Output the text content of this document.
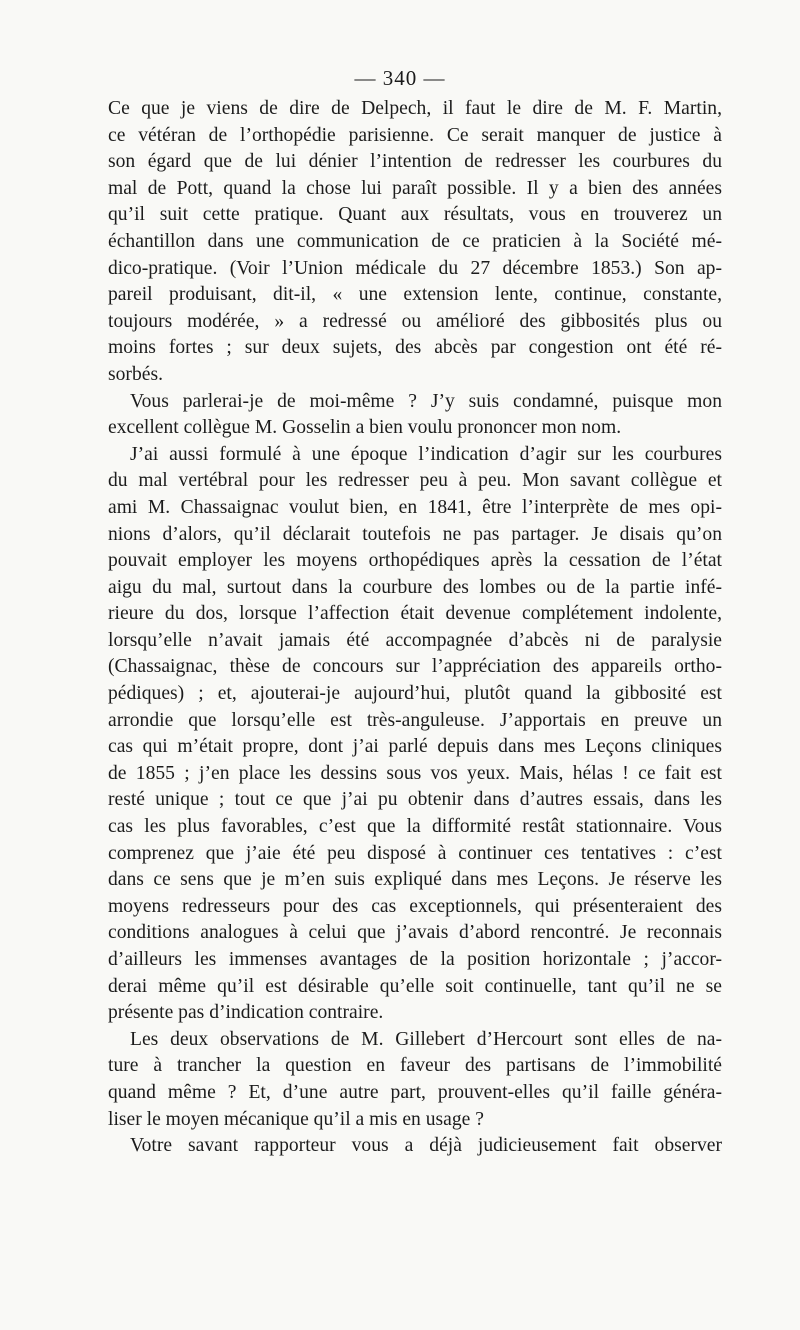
— 340 —

Ce que je viens de dire de Delpech, il faut le dire de M. F. Martin,

ce vétéran de l’orthopédie parisienne. Ce serait manquer de justice à

son égard que de lui dénier l’intention de redresser les courbures du

mal de Pott, quand la chose lui paraît possible. Il y a bien des années

qu’il suit cette pratique. Quant aux résultats, vous en trouverez un

échantillon dans une communication de ce praticien à la Société mé-

dico-pratique. (Voir l’Union médicale du 27 décembre 1853.) Son ap-

pareil produisant, dit-il, « une extension lente, continue, constante,

toujours modérée, » a redressé ou amélioré des gibbosités plus ou

moins fortes ; sur deux sujets, des abcès par congestion ont été ré-

sorbés.

Vous parlerai-je de moi-même ? J’y suis condamné, puisque mon

excellent collègue M. Gosselin a bien voulu prononcer mon nom.

J’ai aussi formulé à une époque l’indication d’agir sur les courbures

du mal vertébral pour les redresser peu à peu. Mon savant collègue et

ami M. Chassaignac voulut bien, en 1841, être l’interprète de mes opi-

nions d’alors, qu’il déclarait toutefois ne pas partager. Je disais qu’on

pouvait employer les moyens orthopédiques après la cessation de l’état

aigu du mal, surtout dans la courbure des lombes ou de la partie infé-

rieure du dos, lorsque l’affection était devenue complétement indolente,

lorsqu’elle n’avait jamais été accompagnée d’abcès ni de paralysie

(Chassaignac, thèse de concours sur l’appréciation des appareils ortho-

pédiques) ; et, ajouterai-je aujourd’hui, plutôt quand la gibbosité est

arrondie que lorsqu’elle est très-anguleuse. J’apportais en preuve un

cas qui m’était propre, dont j’ai parlé depuis dans mes Leçons cliniques

de 1855 ; j’en place les dessins sous vos yeux. Mais, hélas ! ce fait est

resté unique ; tout ce que j’ai pu obtenir dans d’autres essais, dans les

cas les plus favorables, c’est que la difformité restât stationnaire. Vous

comprenez que j’aie été peu disposé à continuer ces tentatives : c’est

dans ce sens que je m’en suis expliqué dans mes Leçons. Je réserve les

moyens redresseurs pour des cas exceptionnels, qui présenteraient des

conditions analogues à celui que j’avais d’abord rencontré. Je reconnais

d’ailleurs les immenses avantages de la position horizontale ; j’accor-

derai même qu’il est désirable qu’elle soit continuelle, tant qu’il ne se

présente pas d’indication contraire.

Les deux observations de M. Gillebert d’Hercourt sont elles de na-

ture à trancher la question en faveur des partisans de l’immobilité

quand même ? Et, d’une autre part, prouvent-elles qu’il faille généra-

liser le moyen mécanique qu’il a mis en usage ?

Votre savant rapporteur vous a déjà judicieusement fait observer
